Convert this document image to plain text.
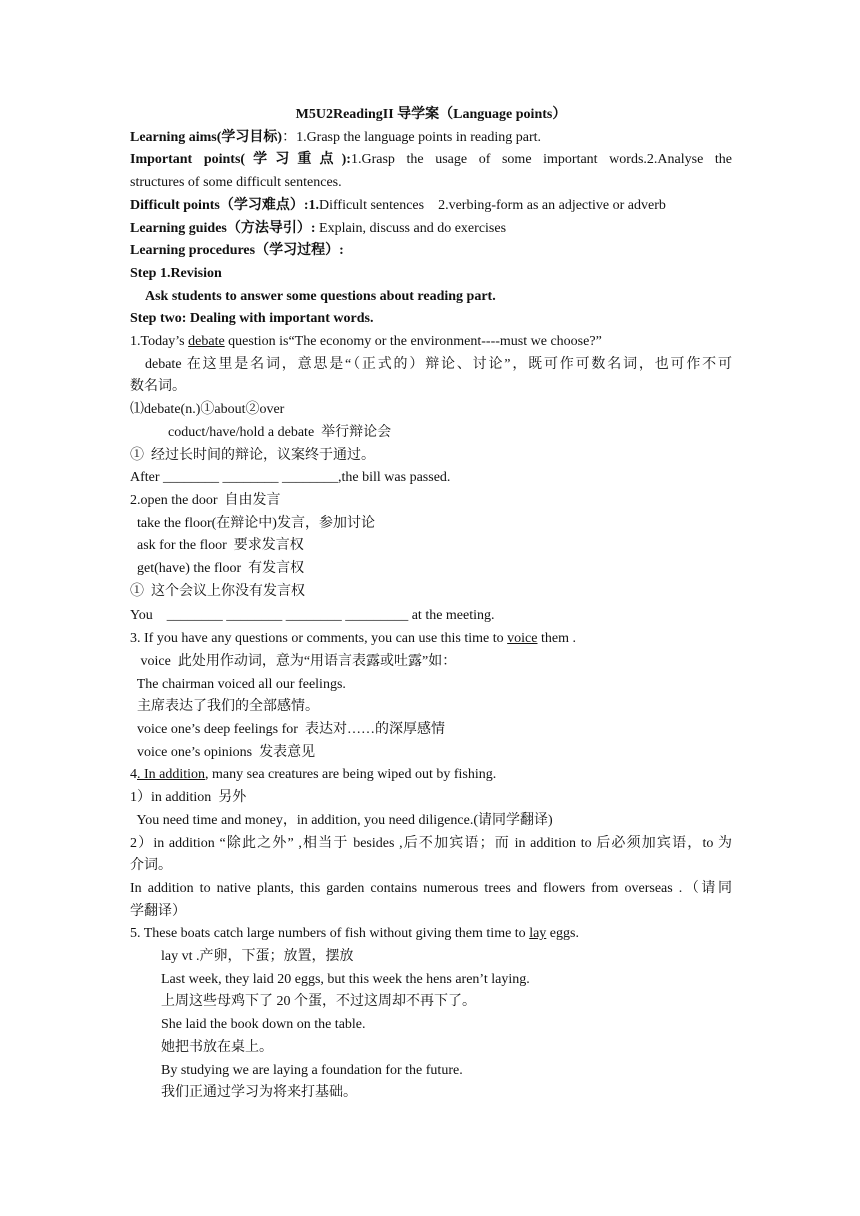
M5U2ReadingII 导学案（Language points）
Learning aims(学习目标)：1.Grasp the language points in reading part.
Important points(学习重点):1.Grasp the usage of some important words.2.Analyse the
structures of some difficult sentences.
Difficult points（学习难点）:1.Difficult sentences    2.verbing-form as an adjective or adverb
Learning guides（方法导引）: Explain, discuss and do exercises
Learning procedures（学习过程）:
Step 1.Revision
Ask students to answer some questions about reading part.
Step two: Dealing with important words.
1.Today’s debate question is“The economy or the environment----must we choose?”
debate 在这里是名词，意思是“（正式的）辩论、讨论”，既可作可数名词，也可作不可
数名词。
⑴debate(n.)①about②over
coduct/have/hold a debate  举行辩论会
①  经过长时间的辩论，议案终于通过。
After ________ ________ ________,the bill was passed.
2.open the door  自由发言
take the floor(在辩论中)发言，参加讨论
ask for the floor  要求发言权
get(have) the floor  有发言权
①  这个会议上你没有发言权
You    ________ ________ ________ _________ at the meeting.
3. If you have any questions or comments, you can use this time to voice them .
voice  此处用作动词，意为“用语言表露或吐露”如：
The chairman voiced all our feelings.
主席表达了我们的全部感情。
voice one’s deep feelings for  表达对……的深厚感情
voice one’s opinions  发表意见
4. In addition, many sea creatures are being wiped out by fishing.
1）in addition  另外
You need time and money，in addition, you need diligence.(请同学翻译)
2）in addition “除此之外” ,相当于 besides ,后不加宾语；而 in addition to 后必须加宾语，to 为
介词。
In addition to native plants, this garden contains numerous trees and flowers from overseas .（请同
学翻译）
5. These boats catch large numbers of fish without giving them time to lay eggs.
lay vt .产卵，下蛋；放置，摆放
Last week, they laid 20 eggs, but this week the hens aren’t laying.
上周这些母鸡下了 20 个蛋，不过这周却不再下了。
She laid the book down on the table.
她把书放在桌上。
By studying we are laying a foundation for the future.
我们正通过学习为将来打基础。
